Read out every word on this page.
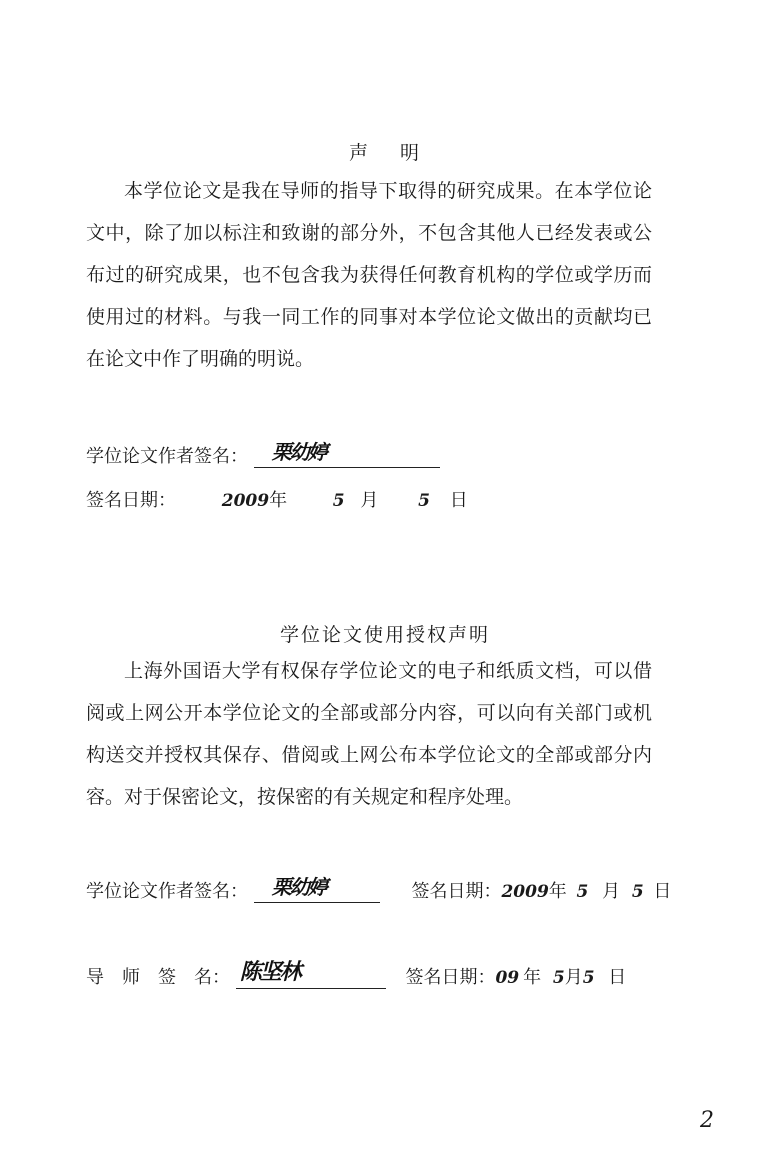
声 明

本学位论文是我在导师的指导下取得的研究成果。在本学位论文中，除了加以标注和致谢的部分外，不包含其他人已经发表或公布过的研究成果，也不包含我为获得任何教育机构的学位或学历而使用过的材料。与我一同工作的同事对本学位论文做出的贡献均已在论文中作了明确的明说。

学位论文作者签名： 栗幼婷
签名日期：	2009年	5 月 5 日
学位论文使用授权声明

上海外国语大学有权保存学位论文的电子和纸质文档，可以借阅或上网公开本学位论文的全部或部分内容，可以向有关部门或机构送交并授权其保存、借阅或上网公布本学位论文的全部或部分内容。对于保密论文，按保密的有关规定和程序处理。

学位论文作者签名： 栗幼婷	签名日期：2009年 5 月 5 日
导　师　签　名： 陈坚林	签名日期：09 年 5月5 日
2
